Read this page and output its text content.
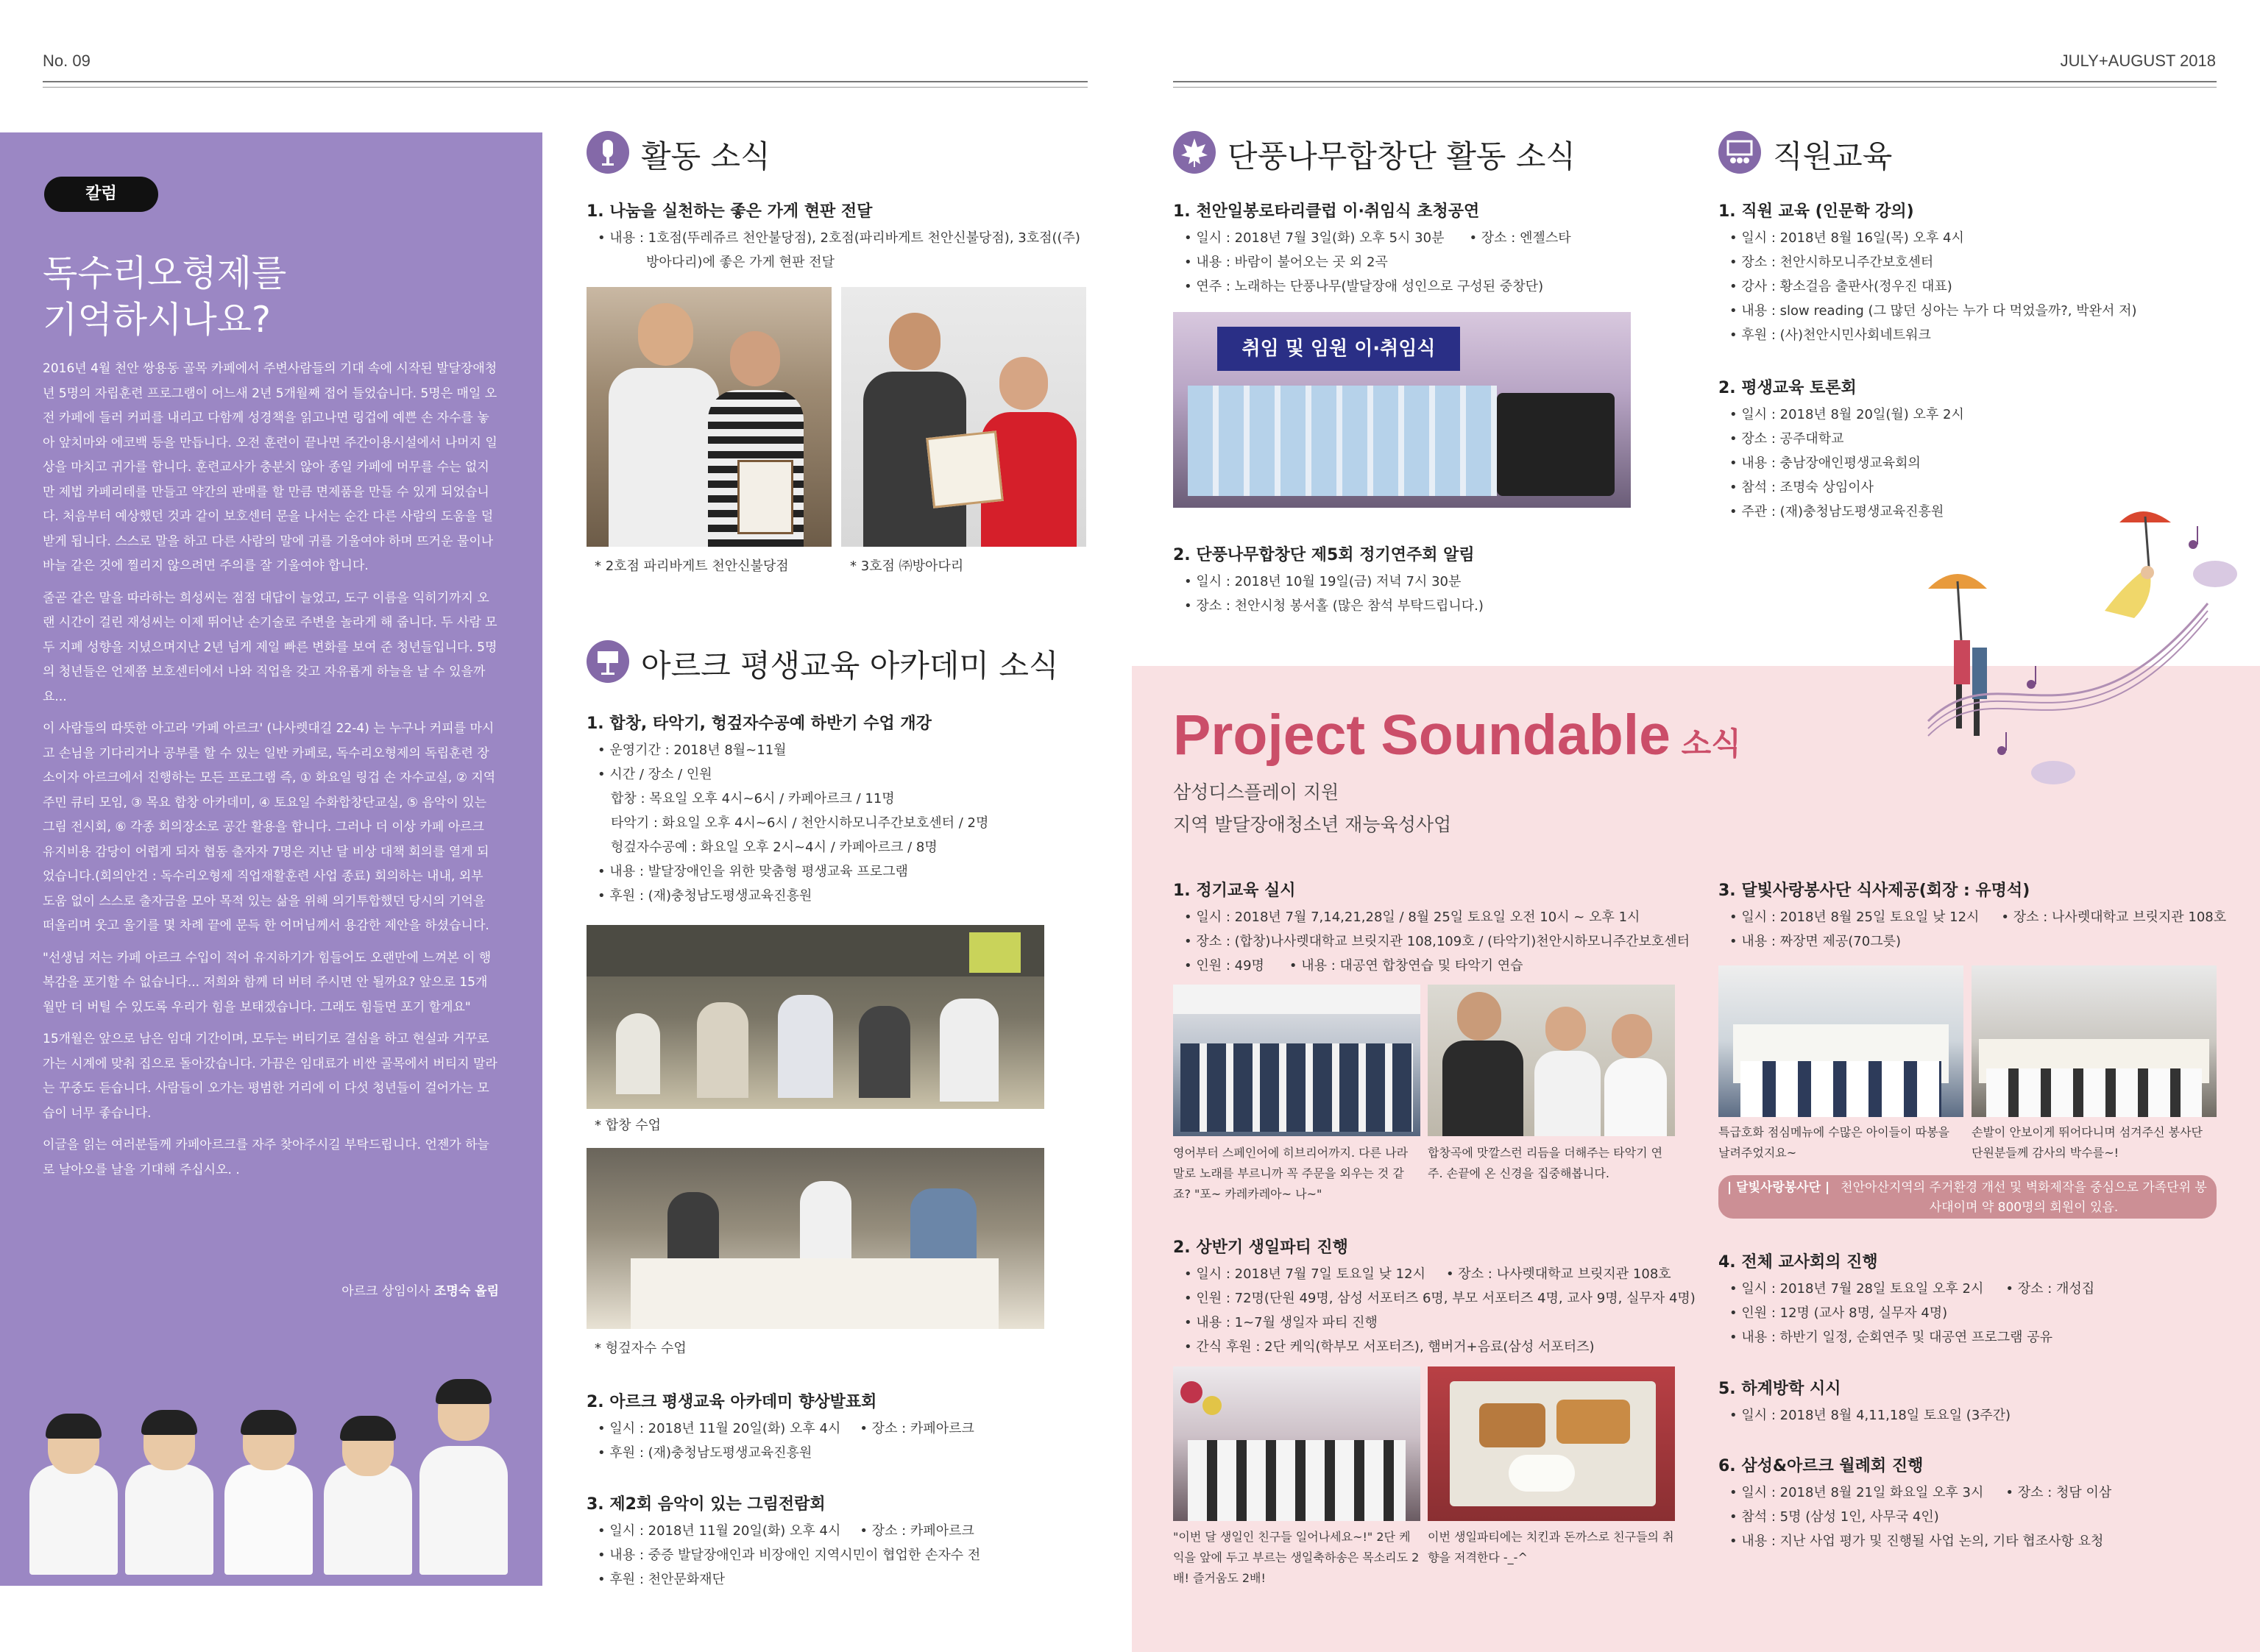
No. 09	JULY+AUGUST 2018
칼럼
독수리오형제를
기억하시나요?

2016년 4월 천안 쌍용동 골목 카페에서 주변사람들의 기대 속에 시작된 발달장애청년 5명의 자립훈련 프로그램이 어느새 2년 5개월째 접어 들었습니다. 5명은 매일 오전 카페에 들러 커피를 내리고 다함께 성경책을 읽고나면 링겁에 예쁜 손 자수를 놓아 앞치마와 에코백 등을 만듭니다. 오전 훈련이 끝나면 주간이용시설에서 나머지 일상을 마치고 귀가를 합니다. 훈련교사가 충분치 않아 종일 카페에 머무를 수는 없지만 제법 카페리테를 만들고 약간의 판매를 할 만큼 면제품을 만들 수 있게 되었습니다. 처음부터 예상했던 것과 같이 보호센터 문을 나서는 순간 다른 사람의 도움을 덜 받게 됩니다. 스스로 말을 하고 다른 사람의 말에 귀를 기울여야 하며 뜨거운 물이나 바늘 같은 것에 찔리지 않으려면 주의를 잘 기울여야 합니다.

줄곧 같은 말을 따라하는 희성씨는 점점 대답이 늘었고, 도구 이름을 익히기까지 오랜 시간이 걸린 재성씨는 이제 뛰어난 손기술로 주변을 놀라게 해 줍니다. 두 사람 모두 지폐 성향을 지녔으며지난 2년 넘게 제일 빠른 변화를 보여 준 청년들입니다. 5명의 청년들은 언제쯤 보호센터에서 나와 직업을 갖고 자유롭게 하늘을 날 수 있을까요...

이 사람들의 따뜻한 아고라 '카페 아르크' (나사렛대길 22-4) 는 누구나 커피를 마시고 손님을 기다리거나 공부를 할 수 있는 일반 카페로, 독수리오형제의 독립훈련 장소이자 아르크에서 진행하는 모든 프로그램 즉, ① 화요일 링겁 손 자수교실, ② 지역주민 큐티 모임, ③ 목요 합창 아카데미, ④ 토요일 수화합창단교실, ⑤ 음악이 있는 그림 전시회, ⑥ 각종 회의장소로 공간 활용을 합니다. 그러나 더 이상 카페 아르크 유지비용 감당이 어렵게 되자 협동 출자자 7명은 지난 달 비상 대책 회의를 열게 되었습니다.(회의안건 : 독수리오형제 직업재활훈련 사업 종료) 회의하는 내내, 외부 도움 없이 스스로 출자금을 모아 목적 있는 삶을 위해 의기투합했던 당시의 기억을 떠올리며 웃고 울기를 몇 차례 끝에 문득 한 어머님께서 용감한 제안을 하셨습니다.

"선생님 저는 카페 아르크 수입이 적어 유지하기가 힘들어도 오랜만에 느껴본 이 행복감을 포기할 수 없습니다... 저희와 함께 더 버텨 주시면 안 될까요? 앞으로 15개월만 더 버틸 수 있도록 우리가 힘을 보태겠습니다. 그래도 힘들면 포기 할게요"

15개월은 앞으로 남은 임대 기간이며, 모두는 버티기로 결심을 하고 현실과 거꾸로 가는 시계에 맞춰 집으로 돌아갔습니다. 가끔은 임대료가 비싼 골목에서 버티지 말라는 꾸중도 듣습니다. 사람들이 오가는 평범한 거리에 이 다섯 청년들이 걸어가는 모습이 너무 좋습니다.

이글을 읽는 여러분들께 카페아르크를 자주 찾아주시길 부탁드립니다. 언젠가 하늘로 날아오를 날을 기대해 주십시오. .

아르크 상임이사 조명숙 올림
활동 소식
1. 나눔을 실천하는 좋은 가게 현판 전달
• 내용 : 1호점(뚜레쥬르 천안불당점), 2호점(파리바게트 천안신불당점), 3호점((주)
방아다리)에 좋은 가게 현판 전달
* 2호점 파리바게트 천안신불당점	* 3호점 ㈜방아다리
아르크 평생교육 아카데미 소식
1. 합창, 타악기, 헝겊자수공예 하반기 수업 개강
• 운영기간 : 2018년 8월~11월
• 시간 / 장소 / 인원
합창 : 목요일 오후 4시~6시 / 카페아르크 / 11명
타악기 : 화요일 오후 4시~6시 / 천안시하모니주간보호센터 / 2명
헝겊자수공예 : 화요일 오후 2시~4시 / 카페아르크 / 8명
• 내용 : 발달장애인을 위한 맞춤형 평생교육 프로그램
• 후원 : (재)충청남도평생교육진흥원
* 합창 수업
* 헝겊자수 수업
2. 아르크 평생교육 아카데미 향상발표회
• 일시 : 2018년 11월 20일(화) 오후 4시 • 장소 : 카페아르크
• 후원 : (재)충청남도평생교육진흥원
3. 제2회 음악이 있는 그림전람회
• 일시 : 2018년 11월 20일(화) 오후 4시 • 장소 : 카페아르크
• 내용 : 중증 발달장애인과 비장애인 지역시민이 협업한 손자수 전
• 후원 : 천안문화재단
단풍나무합창단 활동 소식
1. 천안일봉로타리클럽 이·취임식 초청공연
• 일시 : 2018년 7월 3일(화) 오후 5시 30분 • 장소 : 엔젤스타
• 내용 : 바람이 불어오는 곳 외 2곡
• 연주 : 노래하는 단풍나무(발달장애 성인으로 구성된 중창단)
취임 및 임원 이·취임식
2. 단풍나무합창단 제5회 정기연주회 알림
• 일시 : 2018년 10월 19일(금) 저녁 7시 30분
• 장소 : 천안시청 봉서홀 (많은 참석 부탁드립니다.)
직원교육
1. 직원 교육 (인문학 강의)
• 일시 : 2018년 8월 16일(목) 오후 4시
• 장소 : 천안시하모니주간보호센터
• 강사 : 황소걸음 출판사(정우진 대표)
• 내용 : slow reading (그 많던 싱아는 누가 다 먹었을까?, 박완서 저)
• 후원 : (사)천안시민사회네트워크
2. 평생교육 토론회
• 일시 : 2018년 8월 20일(월) 오후 2시
• 장소 : 공주대학교
• 내용 : 충남장애인평생교육회의
• 참석 : 조명숙 상임이사
• 주관 : (재)충청남도평생교육진흥원
Project Soundable 소식
삼성디스플레이 지원
지역 발달장애청소년 재능육성사업
1. 정기교육 실시
• 일시 : 2018년 7월 7,14,21,28일 / 8월 25일 토요일 오전 10시 ~ 오후 1시
• 장소 : (합창)나사렛대학교 브릿지관 108,109호 / (타악기)천안시하모니주간보호센터
• 인원 : 49명 • 내용 : 대공연 합창연습 및 타악기 연습
영어부터 스페인어에 히브리어까지. 다른 나라 말로 노래를 부르니까 꼭 주문을 외우는 것 같죠? "포~ 카레카레아~ 나~"
합창곡에 맛깔스런 리듬을 더해주는 타악기 연주. 손끝에 온 신경을 집중해봅니다.
2. 상반기 생일파티 진행
• 일시 : 2018년 7월 7일 토요일 낮 12시 • 장소 : 나사렛대학교 브릿지관 108호
• 인원 : 72명(단원 49명, 삼성 서포터즈 6명, 부모 서포터즈 4명, 교사 9명, 실무자 4명)
• 내용 : 1~7월 생일자 파티 진행
• 간식 후원 : 2단 케익(학부모 서포터즈), 햄버거+음료(삼성 서포터즈)
"이번 달 생일인 친구들 일어나세요~!" 2단 케익을 앞에 두고 부르는 생일축하송은 목소리도 2배! 즐거움도 2배!
이번 생일파티에는 치킨과 돈까스로 친구들의 취향을 저격한다 -_-^
3. 달빛사랑봉사단 식사제공(회장 : 유명석)
• 일시 : 2018년 8월 25일 토요일 낮 12시 • 장소 : 나사렛대학교 브릿지관 108호
• 내용 : 짜장면 제공(70그릇)
특급호화 점심메뉴에 수많은 아이들이 따봉을 날려주었지요~
손발이 안보이게 뛰어다니며 섬겨주신 봉사단 단원분들께 감사의 박수를~!
| 달빛사랑봉사단 | 천안아산지역의 주거환경 개선 및 벽화제작을 중심으로 가족단위 봉사대이며 약 800명의 회원이 있음.
4. 전체 교사회의 진행
• 일시 : 2018년 7월 28일 토요일 오후 2시 • 장소 : 개성집
• 인원 : 12명 (교사 8명, 실무자 4명)
• 내용 : 하반기 일정, 순회연주 및 대공연 프로그램 공유
5. 하계방학 시시
• 일시 : 2018년 8월 4,11,18일 토요일 (3주간)
6. 삼성&아르크 월례회 진행
• 일시 : 2018년 8월 21일 화요일 오후 3시 • 장소 : 청담 이삼
• 참석 : 5명 (삼성 1인, 사무국 4인)
• 내용 : 지난 사업 평가 및 진행될 사업 논의, 기타 협조사항 요청
